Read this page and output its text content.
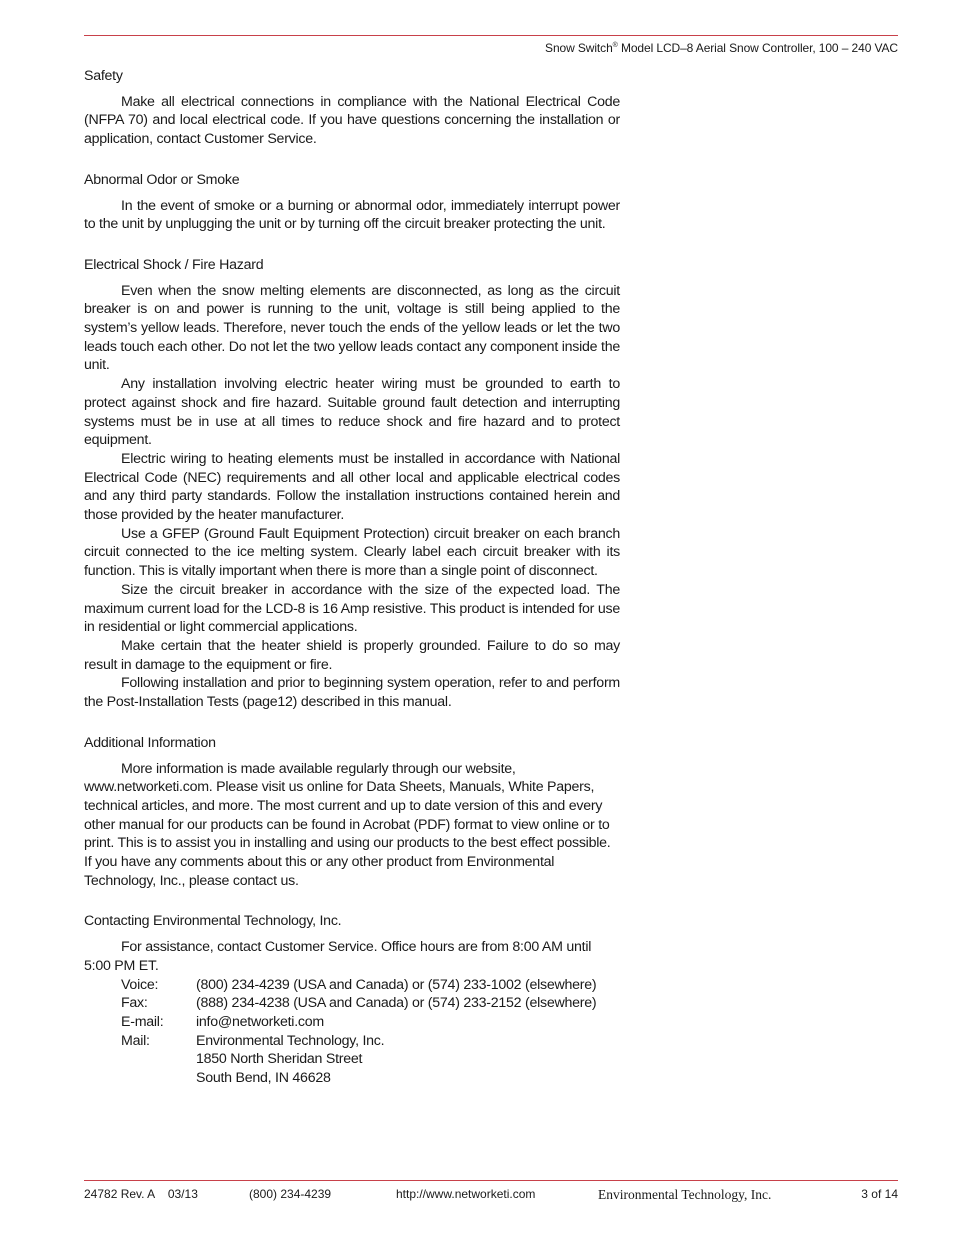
Snow Switch® Model LCD–8 Aerial Snow Controller, 100 – 240 VAC

Safety

Make all electrical connections in compliance with the National Electrical Code (NFPA 70) and local electrical code. If you have questions concerning the installation or application, contact Customer Service.

Abnormal Odor or Smoke

In the event of smoke or a burning or abnormal odor, immediately interrupt power to the unit by unplugging the unit or by turning off the circuit breaker protecting the unit.

Electrical Shock / Fire Hazard

Even when the snow melting elements are disconnected, as long as the circuit breaker is on and power is running to the unit, voltage is still being applied to the system’s yellow leads. Therefore, never touch the ends of the yellow leads or let the two leads touch each other. Do not let the two yellow leads contact any component inside the unit.

Any installation involving electric heater wiring must be grounded to earth to protect against shock and fire hazard. Suitable ground fault detection and interrupting systems must be in use at all times to reduce shock and fire hazard and to protect equipment.

Electric wiring to heating elements must be installed in accordance with National Electrical Code (NEC) requirements and all other local and applicable electrical codes and any third party standards. Follow the installation instructions contained herein and those provided by the heater manufacturer.

Use a GFEP (Ground Fault Equipment Protection) circuit breaker on each branch circuit connected to the ice melting system. Clearly label each circuit breaker with its function. This is vitally important when there is more than a single point of disconnect.

Size the circuit breaker in accordance with the size of the expected load. The maximum current load for the LCD-8 is 16 Amp resistive. This product is intended for use in residential or light commercial applications.

Make certain that the heater shield is properly grounded. Failure to do so may result in damage to the equipment or fire.

Following installation and prior to beginning system operation, refer to and perform the Post-Installation Tests (page12) described in this manual.

Additional Information

More information is made available regularly through our website, www.networketi.com. Please visit us online for Data Sheets, Manuals, White Papers, technical articles, and more. The most current and up to date version of this and every other manual for our products can be found in Acrobat (PDF) format to view online or to print. This is to assist you in installing and using our products to the best effect possible. If you have any comments about this or any other product from Environmental Technology, Inc., please contact us.

Contacting Environmental Technology, Inc.

For assistance, contact Customer Service. Office hours are from 8:00 AM until 5:00 PM ET.

Voice:	(800) 234-4239 (USA and Canada) or (574) 233-1002 (elsewhere)
Fax:	(888) 234-4238 (USA and Canada) or (574) 233-2152 (elsewhere)
E-mail:	info@networketi.com
Mail:	Environmental Technology, Inc.
1850 North Sheridan Street
South Bend, IN 46628
24782 Rev. A    03/13	(800) 234-4239	http://www.networketi.com	Environmental Technology, Inc.	3 of 14
